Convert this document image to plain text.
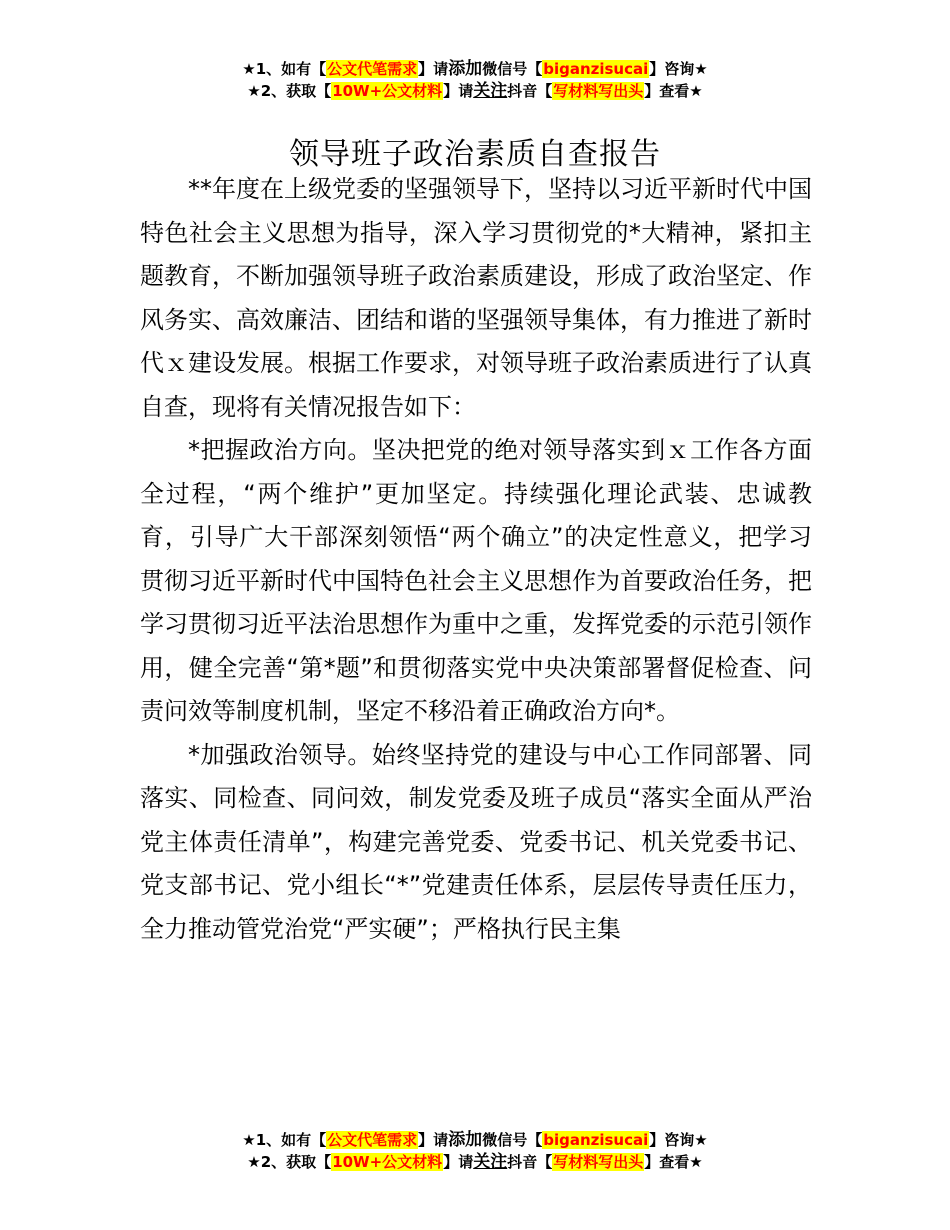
★1、如有【公文代笔需求】请添加微信号【biganzisucai】咨询★
★2、获取【10W+公文材料】请关注抖音【写材料写出头】查看★
领导班子政治素质自查报告

**年度在上级党委的坚强领导下，坚持以习近平新时代中国特色社会主义思想为指导，深入学习贯彻党的*大精神，紧扣主题教育，不断加强领导班子政治素质建设，形成了政治坚定、作风务实、高效廉洁、团结和谐的坚强领导集体，有力推进了新时代ｘ建设发展。根据工作要求，对领导班子政治素质进行了认真自查，现将有关情况报告如下：

*把握政治方向。坚决把党的绝对领导落实到ｘ工作各方面全过程，“两个维护”更加坚定。持续强化理论武装、忠诚教育，引导广大干部深刻领悟“两个确立”的决定性意义，把学习贯彻习近平新时代中国特色社会主义思想作为首要政治任务，把学习贯彻习近平法治思想作为重中之重，发挥党委的示范引领作用，健全完善“第*题”和贯彻落实党中央决策部署督促检查、问责问效等制度机制，坚定不移沿着正确政治方向*。

*加强政治领导。始终坚持党的建设与中心工作同部署、同落实、同检查、同问效，制发党委及班子成员“落实全面从严治党主体责任清单”，构建完善党委、党委书记、机关党委书记、党支部书记、党小组长“*”党建责任体系，层层传导责任压力，全力推动管党治党“严实硬”；严格执行民主集

★1、如有【公文代笔需求】请添加微信号【biganzisucai】咨询★
★2、获取【10W+公文材料】请关注抖音【写材料写出头】查看★
